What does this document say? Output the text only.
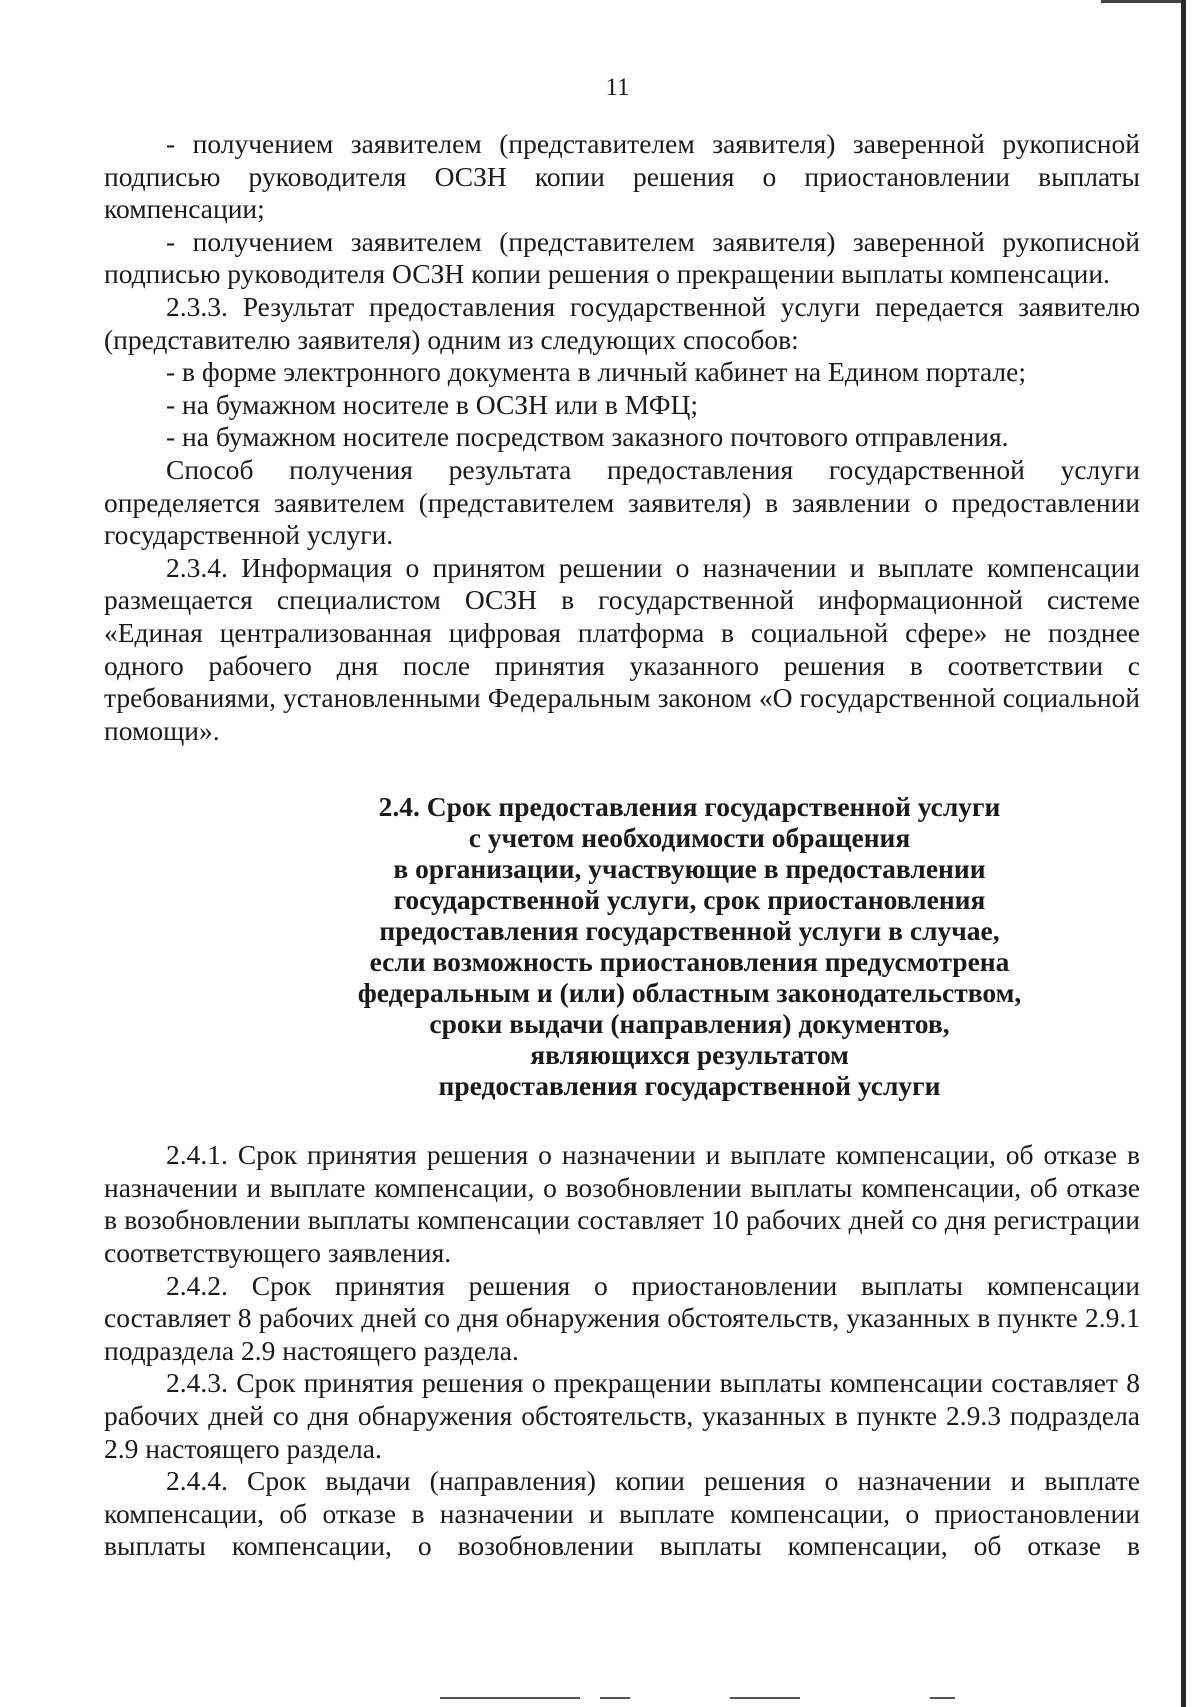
11

- получением заявителем (представителем заявителя) заверенной рукописной подписью руководителя ОСЗН копии решения о приостановлении выплаты компенсации;

- получением заявителем (представителем заявителя) заверенной рукописной подписью руководителя ОСЗН копии решения о прекращении выплаты компенсации.

2.3.3. Результат предоставления государственной услуги передается заявителю (представителю заявителя) одним из следующих способов:

- в форме электронного документа в личный кабинет на Едином портале;

- на бумажном носителе в ОСЗН или в МФЦ;

- на бумажном носителе посредством заказного почтового отправления.

Способ получения результата предоставления государственной услуги определяется заявителем (представителем заявителя) в заявлении о предоставлении государственной услуги.

2.3.4. Информация о принятом решении о назначении и выплате компенсации размещается специалистом ОСЗН в государственной информационной системе «Единая централизованная цифровая платформа в социальной сфере» не позднее одного рабочего дня после принятия указанного решения в соответствии с требованиями, установленными Федеральным законом «О государственной социальной помощи».

2.4. Срок предоставления государственной услуги
с учетом необходимости обращения
в организации, участвующие в предоставлении
государственной услуги, срок приостановления
предоставления государственной услуги в случае,
если возможность приостановления предусмотрена
федеральным и (или) областным законодательством,
сроки выдачи (направления) документов,
являющихся результатом
предоставления государственной услуги

2.4.1. Срок принятия решения о назначении и выплате компенсации, об отказе в назначении и выплате компенсации, о возобновлении выплаты компенсации, об отказе в возобновлении выплаты компенсации составляет 10 рабочих дней со дня регистрации соответствующего заявления.

2.4.2. Срок принятия решения о приостановлении выплаты компенсации составляет 8 рабочих дней со дня обнаружения обстоятельств, указанных в пункте 2.9.1 подраздела 2.9 настоящего раздела.

2.4.3. Срок принятия решения о прекращении выплаты компенсации составляет 8 рабочих дней со дня обнаружения обстоятельств, указанных в пункте 2.9.3 подраздела 2.9 настоящего раздела.

2.4.4. Срок выдачи (направления) копии решения о назначении и выплате компенсации, об отказе в назначении и выплате компенсации, о приостановлении выплаты компенсации, о возобновлении выплаты компенсации, об отказе в
